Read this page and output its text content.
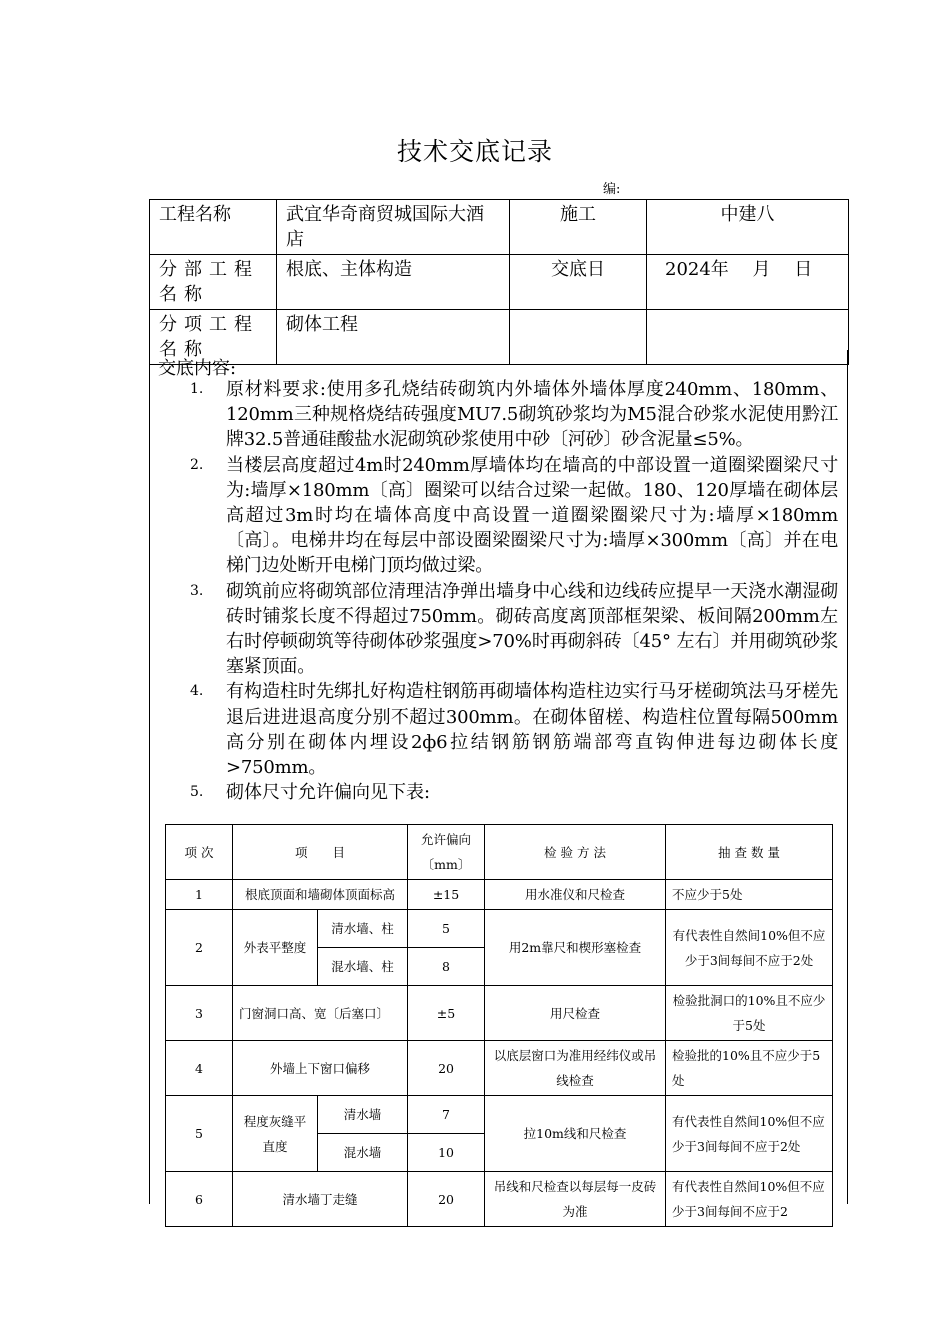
技术交底记录
编:
工程名称	武宜华奇商贸城国际大酒店	施工	中建八
分部工程名称	根底、主体构造	交底日	2024年　 月　 日
分项工程名称	砌体工程		
交底内容:
1.	原材料要求:使用多孔烧结砖砌筑内外墙体外墙体厚度240mm、180mm、120mm三种规格烧结砖强度MU7.5砌筑砂浆均为M5混合砂浆水泥使用黔江牌32.5普通硅酸盐水泥砌筑砂浆使用中砂〔河砂〕砂含泥量≤5%。
2.	当楼层高度超过4m时240mm厚墙体均在墙高的中部设置一道圈梁圈梁尺寸为:墙厚×180mm〔高〕圈梁可以结合过梁一起做。180、120厚墙在砌体层高超过3m时均在墙体高度中高设置一道圈梁圈梁尺寸为:墙厚×180mm〔高〕。电梯井均在每层中部设圈梁圈梁尺寸为:墙厚×300mm〔高〕并在电梯门边处断开电梯门顶均做过梁。
3.	砌筑前应将砌筑部位清理洁净弹出墙身中心线和边线砖应提早一天浇水潮湿砌砖时铺浆长度不得超过750mm。砌砖高度离顶部框架梁、板间隔200mm左右时停顿砌筑等待砌体砂浆强度>70%时再砌斜砖〔45° 左右〕并用砌筑砂浆塞紧顶面。
4.	有构造柱时先绑扎好构造柱钢筋再砌墙体构造柱边实行马牙槎砌筑法马牙槎先退后进进退高度分别不超过300mm。在砌体留槎、构造柱位置每隔500mm高分别在砌体内埋设2ф6拉结钢筋钢筋端部弯直钩伸进每边砌体长度>750mm。
5.	砌体尺寸允许偏向见下表:
项 次	项　　目		允许偏向〔mm〕	检 验 方 法	抽 查 数 量
1	根底顶面和墙砌体顶面标高		±15	用水准仪和尺检查	不应少于5处
2	外表平整度	清水墙、柱	5	用2m靠尺和楔形塞检查	有代表性自然间10%但不应少于3间每间不应于2处
		混水墙、柱	8		
3	门窗洞口高、宽〔后塞口〕		±5	用尺检查	检验批洞口的10%且不应少于5处
4	外墙上下窗口偏移		20	以底层窗口为准用经纬仪或吊线检查	检验批的10%且不应少于5处
5	程度灰缝平直度	清水墙	7	拉10m线和尺检查	有代表性自然间10%但不应少于3间每间不应于2处
		混水墙	10		
6	清水墙丁走缝		20	吊线和尺检查以每层每一皮砖为准	有代表性自然间10%但不应少于3间每间不应于2
